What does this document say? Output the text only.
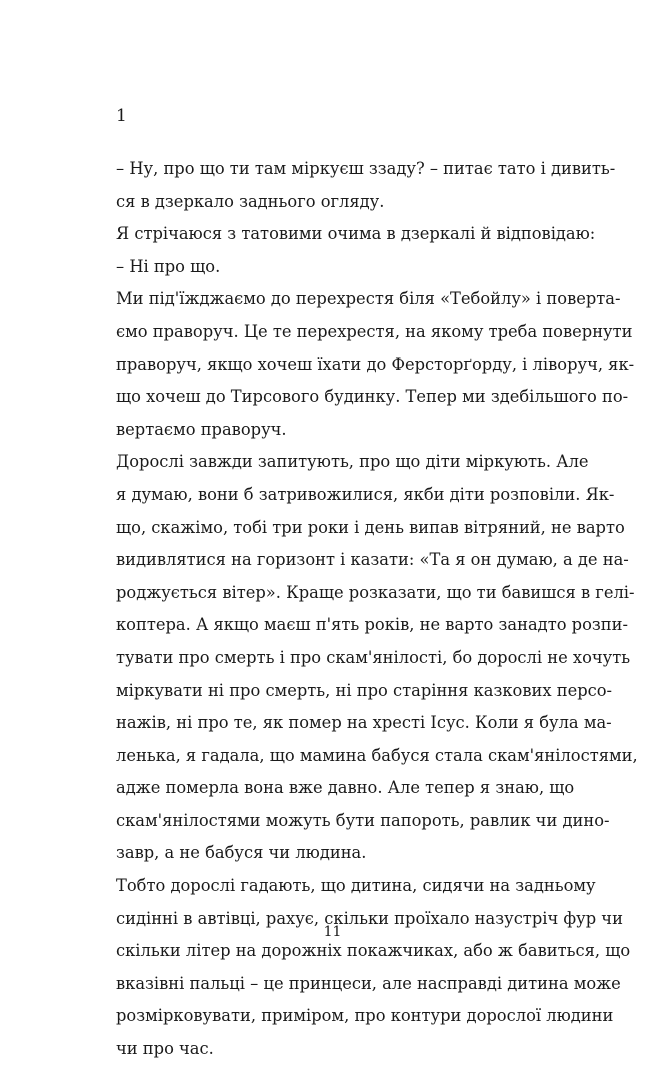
1
– Ну, про що ти там міркуєш ззаду? – питає тато і дивить-
ся в дзеркало заднього огляду.
Я стрічаюся з татовими очима в дзеркалі й відповідаю:
– Ні про що.
Ми під'їжджаємо до перехрестя біля «Тебойлу» і поверта-
ємо праворуч. Це те перехрестя, на якому треба повернути
праворуч, якщо хочеш їхати до Ферсторґорду, і ліворуч, як-
що хочеш до Тирсового будинку. Тепер ми здебільшого по-
вертаємо праворуч.
Дорослі завжди запитують, про що діти міркують. Але
я думаю, вони б затривожилися, якби діти розповіли. Як-
що, скажімо, тобі три роки і день випав вітряний, не варто
видивлятися на горизонт і казати: «Та я он думаю, а де на-
роджується вітер». Краще розказати, що ти бавишся в гелі-
коптера. А якщо маєш п'ять років, не варто занадто розпи-
тувати про смерть і про скам'янілості, бо дорослі не хочуть
міркувати ні про смерть, ні про старіння казкових персо-
нажів, ні про те, як помер на хресті Ісус. Коли я була ма-
ленька, я гадала, що мамина бабуся стала скам'янілостями,
адже померла вона вже давно. Але тепер я знаю, що
скам'янілостями можуть бути папороть, равлик чи дино-
завр, а не бабуся чи людина.
Тобто дорослі гадають, що дитина, сидячи на задньому
сидінні в автівці, рахує, скільки проїхало назустріч фур чи
скільки літер на дорожніх покажчиках, або ж бавиться, що
вказівні пальці – це принцеси, але насправді дитина може
розмірковувати, приміром, про контури дорослої людини
чи про час.
11
